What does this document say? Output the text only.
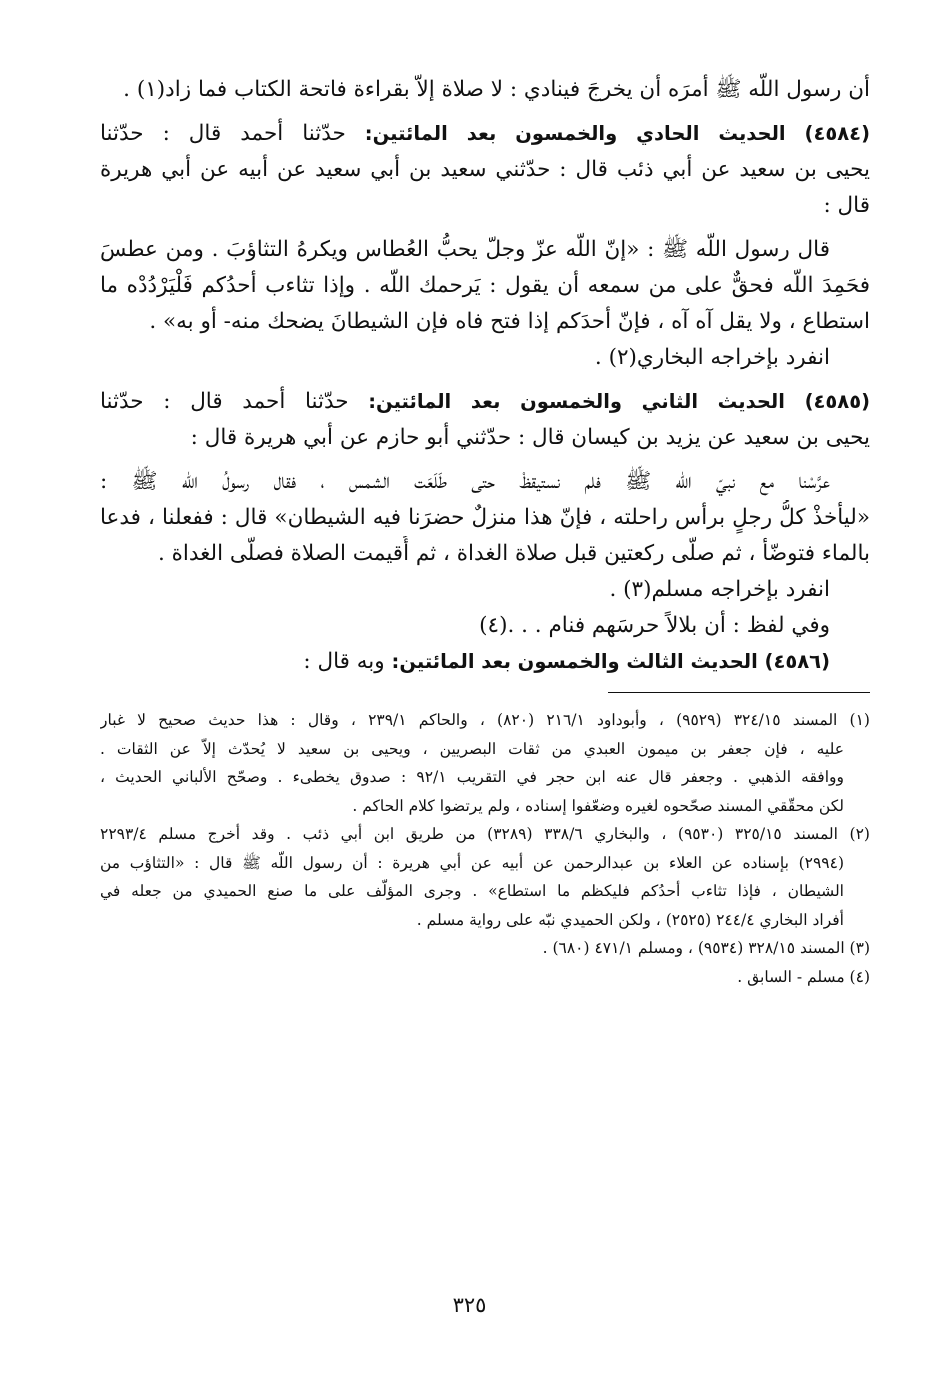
أن رسول اللّه ﷺ أمرَه أن يخرجَ فينادي : لا صلاة إلاّ بقراءة فاتحة الكتاب فما زاد(١) .
(٤٥٨٤) الحديث الحادي والخمسون بعد المائتين: حدّثنا أحمد قال : حدّثنا
يحيى بن سعيد عن أبي ذئب قال : حدّثني سعيد بن أبي سعيد عن أبيه عن أبي هريرة
قال :
قال رسول اللّه ﷺ : «إنّ اللّه عزّ وجلّ يحبُّ العُطاس ويكرهُ التثاؤبَ . ومن عطسَ
فحَمِدَ اللّه فحقٌّ على من سمعه أن يقول : يَرحمك اللّه . وإذا تثاءب أحدُكم فَلْيَرْدُدْه ما
استطاع ، ولا يقل آه آه ، فإنّ أحدَكم إذا فتح فاه فإن الشيطانَ يضحك منه- أو به» .
انفرد بإخراجه البخاري(٢) .
(٤٥٨٥) الحديث الثاني والخمسون بعد المائتين: حدّثنا أحمد قال : حدّثنا
يحيى بن سعيد عن يزيد بن كيسان قال : حدّثني أبو حازم عن أبي هريرة قال :
عرَّسْنا مع نبيّ اللّه ﷺ فلم نستيقظْ حتى طَلَعَت الشمس ، فقال رسولُ اللّه ﷺ :
«ليأخذْ كلُّ رجلٍ برأس راحلته ، فإنّ هذا منزلٌ حضرَنا فيه الشيطان» قال : ففعلنا ، فدعا
بالماء فتوضّأ ، ثم صلّى ركعتين قبل صلاة الغداة ، ثم أُقيمت الصلاة فصلّى الغداة .
انفرد بإخراجه مسلم(٣) .
وفي لفظ : أن بلالاً حرسَهم فنام . . .(٤)
(٤٥٨٦) الحديث الثالث والخمسون بعد المائتين: وبه قال :
(١) المسند ٣٢٤/١٥ (٩٥٢٩) ، وأبوداود ٢١٦/١ (٨٢٠) ، والحاكم ٢٣٩/١ ، وقال : هذا حديث صحيح لا غبار
عليه ، فإن جعفر بن ميمون العبدي من ثقات البصريين ، ويحيى بن سعيد لا يُحدّث إلاّ عن الثقات .
ووافقه الذهبي . وجعفر قال عنه ابن حجر في التقريب ٩٢/١ : صدوق يخطىء . وصحّح الألباني الحديث ،
لكن محقّقي المسند صحّحوه لغيره وضعّفوا إسناده ، ولم يرتضوا كلام الحاكم .
(٢) المسند ٣٢٥/١٥ (٩٥٣٠) ، والبخاري ٣٣٨/٦ (٣٢٨٩) من طريق ابن أبي ذئب . وقد أخرج مسلم ٢٢٩٣/٤
(٢٩٩٤) بإسناده عن العلاء بن عبدالرحمن عن أبيه عن أبي هريرة : أن رسول اللّه ﷺ قال : «التثاؤب من
الشيطان ، فإذا تثاءب أحدُكم فليكظم ما استطاع» . وجرى المؤلّف على ما صنع الحميدي من جعله في
أفراد البخاري ٢٤٤/٤ (٢٥٢٥) ، ولكن الحميدي نبّه على رواية مسلم .
(٣) المسند ٣٢٨/١٥ (٩٥٣٤) ، ومسلم ٤٧١/١ (٦٨٠) .
(٤) مسلم - السابق .
٣٢٥
